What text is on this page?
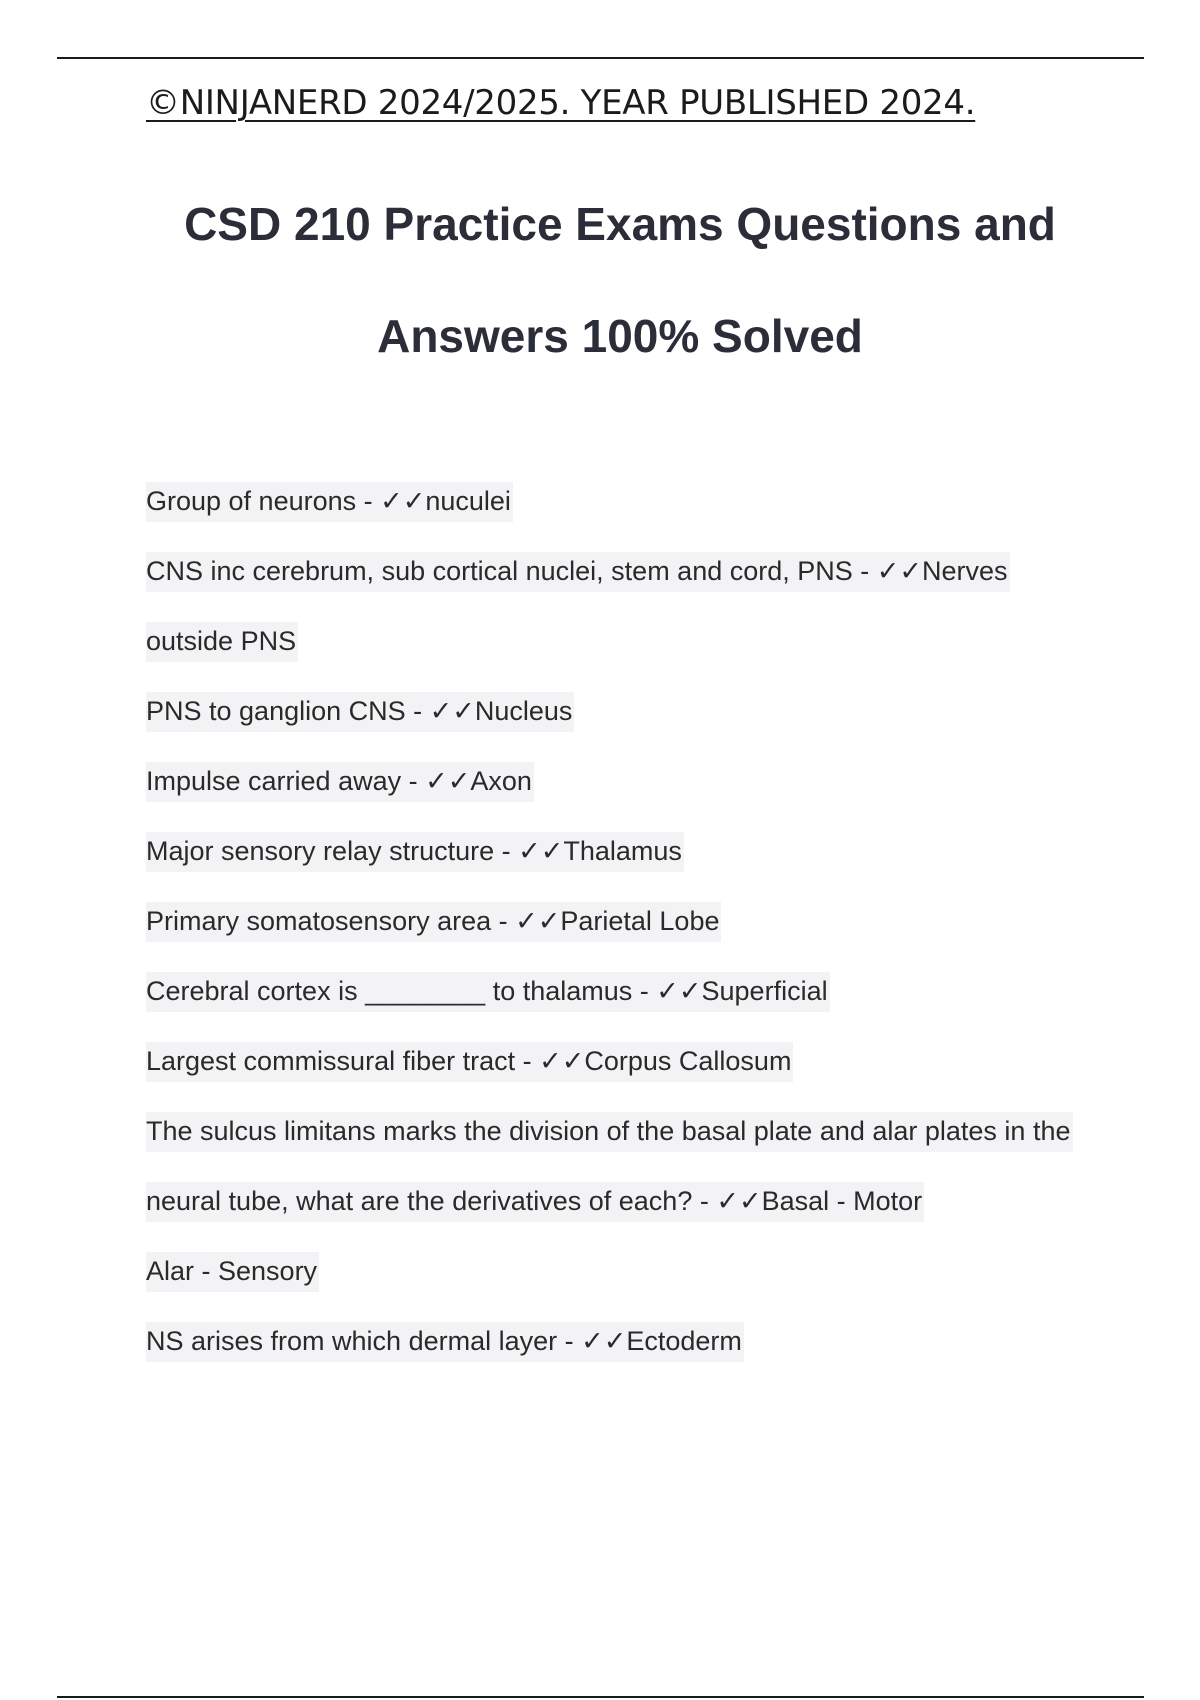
©NINJANERD 2024/2025. YEAR PUBLISHED 2024.
CSD 210 Practice Exams Questions and
Answers 100% Solved
Group of neurons - ✓✓nuculei
CNS inc cerebrum, sub cortical nuclei, stem and cord, PNS - ✓✓Nerves outside PNS
PNS to ganglion CNS - ✓✓Nucleus
Impulse carried away - ✓✓Axon
Major sensory relay structure - ✓✓Thalamus
Primary somatosensory area - ✓✓Parietal Lobe
Cerebral cortex is ________ to thalamus - ✓✓Superficial
Largest commissural fiber tract - ✓✓Corpus Callosum
The sulcus limitans marks the division of the basal plate and alar plates in the neural tube, what are the derivatives of each? - ✓✓Basal - Motor
Alar - Sensory
NS arises from which dermal layer - ✓✓Ectoderm
